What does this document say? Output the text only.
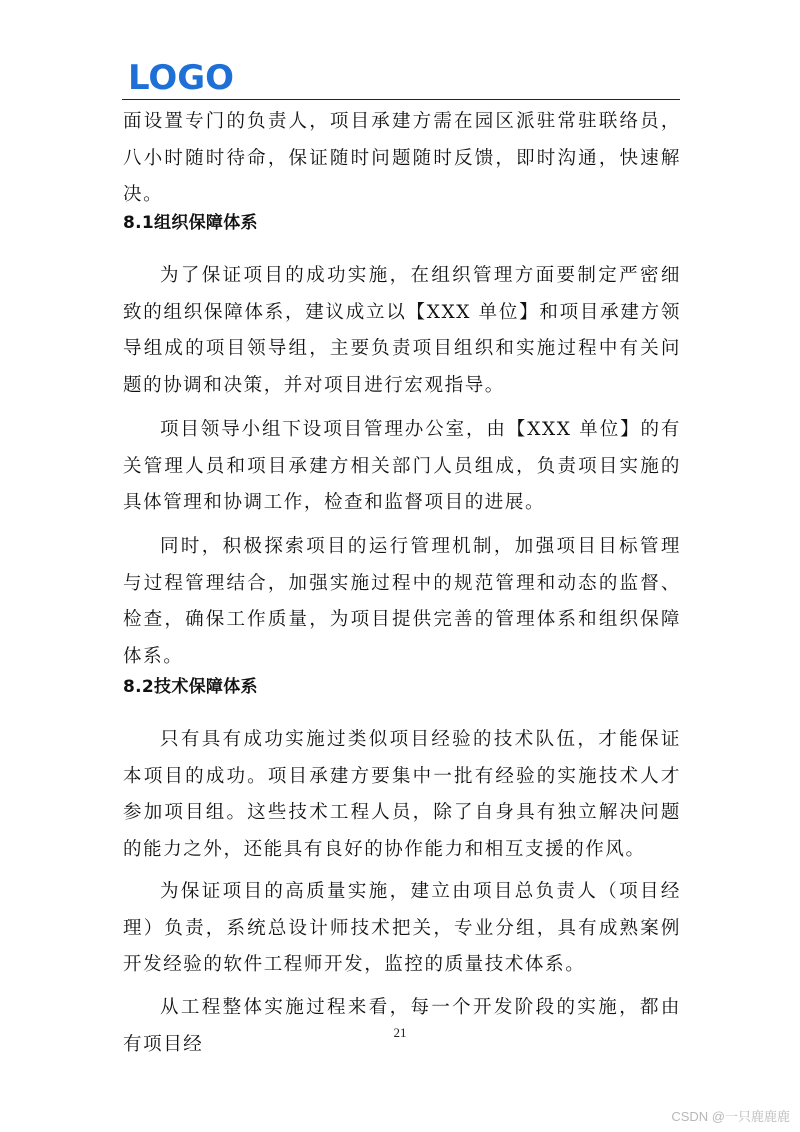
LOGO

面设置专门的负责人，项目承建方需在园区派驻常驻联络员，八小时随时待命，保证随时问题随时反馈，即时沟通，快速解决。

8.1组织保障体系

为了保证项目的成功实施，在组织管理方面要制定严密细致的组织保障体系，建议成立以【XXX 单位】和项目承建方领导组成的项目领导组，主要负责项目组织和实施过程中有关问题的协调和决策，并对项目进行宏观指导。

项目领导小组下设项目管理办公室，由【XXX 单位】的有关管理人员和项目承建方相关部门人员组成，负责项目实施的具体管理和协调工作，检查和监督项目的进展。

同时，积极探索项目的运行管理机制，加强项目目标管理与过程管理结合，加强实施过程中的规范管理和动态的监督、检查，确保工作质量，为项目提供完善的管理体系和组织保障体系。

8.2技术保障体系

只有具有成功实施过类似项目经验的技术队伍，才能保证本项目的成功。项目承建方要集中一批有经验的实施技术人才参加项目组。这些技术工程人员，除了自身具有独立解决问题的能力之外，还能具有良好的协作能力和相互支援的作风。

为保证项目的高质量实施，建立由项目总负责人（项目经理）负责，系统总设计师技术把关，专业分组，具有成熟案例开发经验的软件工程师开发，监控的质量技术体系。

从工程整体实施过程来看，每一个开发阶段的实施，都由有项目经

21
CSDN @一只鹿鹿鹿
